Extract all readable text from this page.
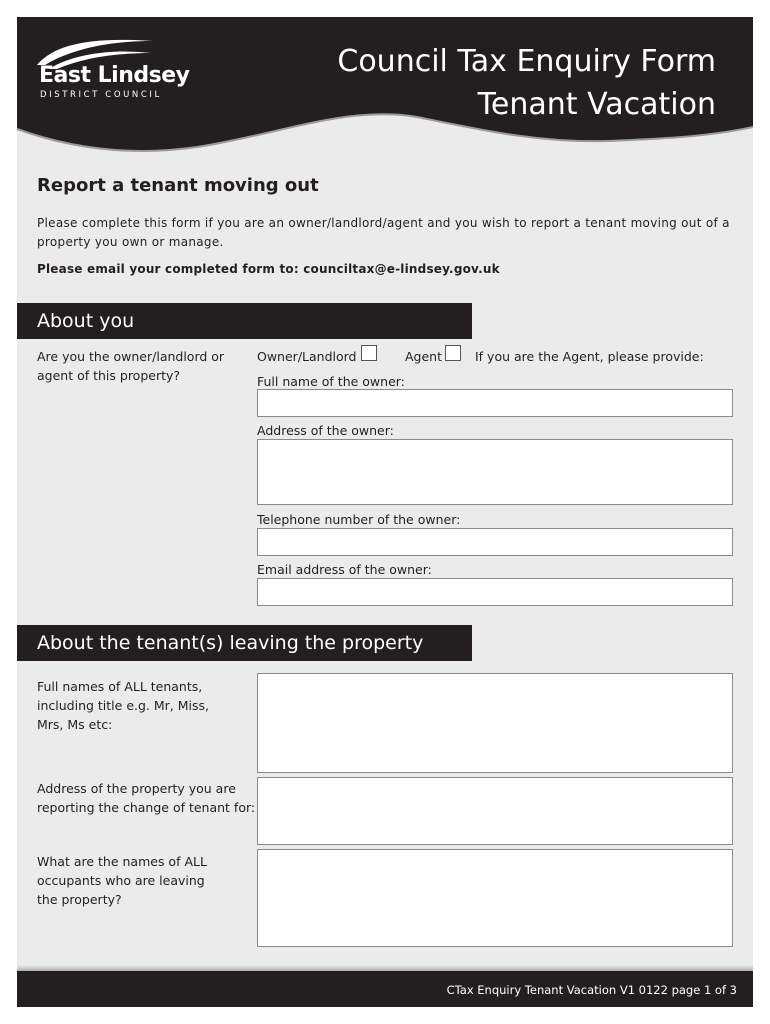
East Lindsey
DISTRICT COUNCIL
Council Tax Enquiry Form
Tenant Vacation
Report a tenant moving out
Please complete this form if you are an owner/landlord/agent and you wish to report a tenant moving out of a property you own or manage.
Please email your completed form to: counciltax@e-lindsey.gov.uk
About you
Are you the owner/landlord or agent of this property?
Owner/Landlord	Agent	If you are the Agent, please provide:
Full name of the owner:
Address of the owner:
Telephone number of the owner:
Email address of the owner:
About the tenant(s) leaving the property
Full names of ALL tenants, including title e.g. Mr, Miss, Mrs, Ms etc:
Address of the property you are reporting the change of tenant for:
What are the names of ALL occupants who are leaving the property?
CTax Enquiry Tenant Vacation V1 0122 page 1 of 3
